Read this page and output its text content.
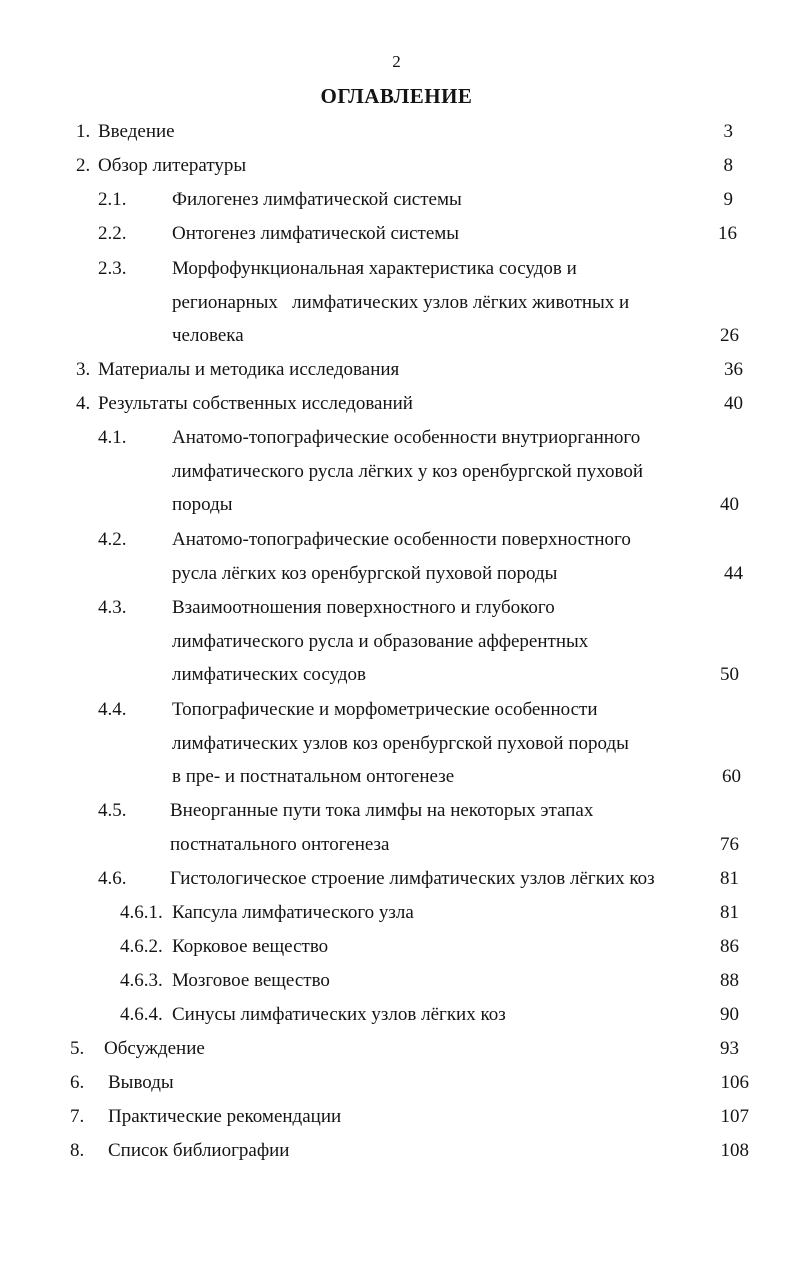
2
ОГЛАВЛЕНИЕ
1. Введение	3
2. Обзор литературы	8
2.1. Филогенез лимфатической системы	9
2.2. Онтогенез лимфатической системы	16
2.3. Морфофункциональная характеристика сосудов и
регионарных   лимфатических узлов лёгких животных и
человека	26
3. Материалы и методика исследования	36
4. Результаты собственных исследований	40
4.1. Анатомо-топографические особенности внутриорганного
лимфатического русла лёгких у коз оренбургской пуховой
породы	40
4.2. Анатомо-топографические особенности поверхностного
русла лёгких коз оренбургской пуховой породы	44
4.3. Взаимоотношения поверхностного и глубокого
лимфатического русла и образование афферентных
лимфатических сосудов	50
4.4. Топографические и морфометрические особенности
лимфатических узлов коз оренбургской пуховой породы
в пре- и постнатальном онтогенезе	60
4.5. Внеорганные пути тока лимфы на некоторых этапах
постнатального онтогенеза	76
4.6. Гистологическое строение лимфатических узлов лёгких коз	81
4.6.1. Капсула лимфатического узла	81
4.6.2. Корковое вещество	86
4.6.3. Мозговое вещество	88
4.6.4. Синусы лимфатических узлов лёгких коз	90
5. Обсуждение	93
6. Выводы	106
7. Практические рекомендации	107
8. Список библиографии	108
